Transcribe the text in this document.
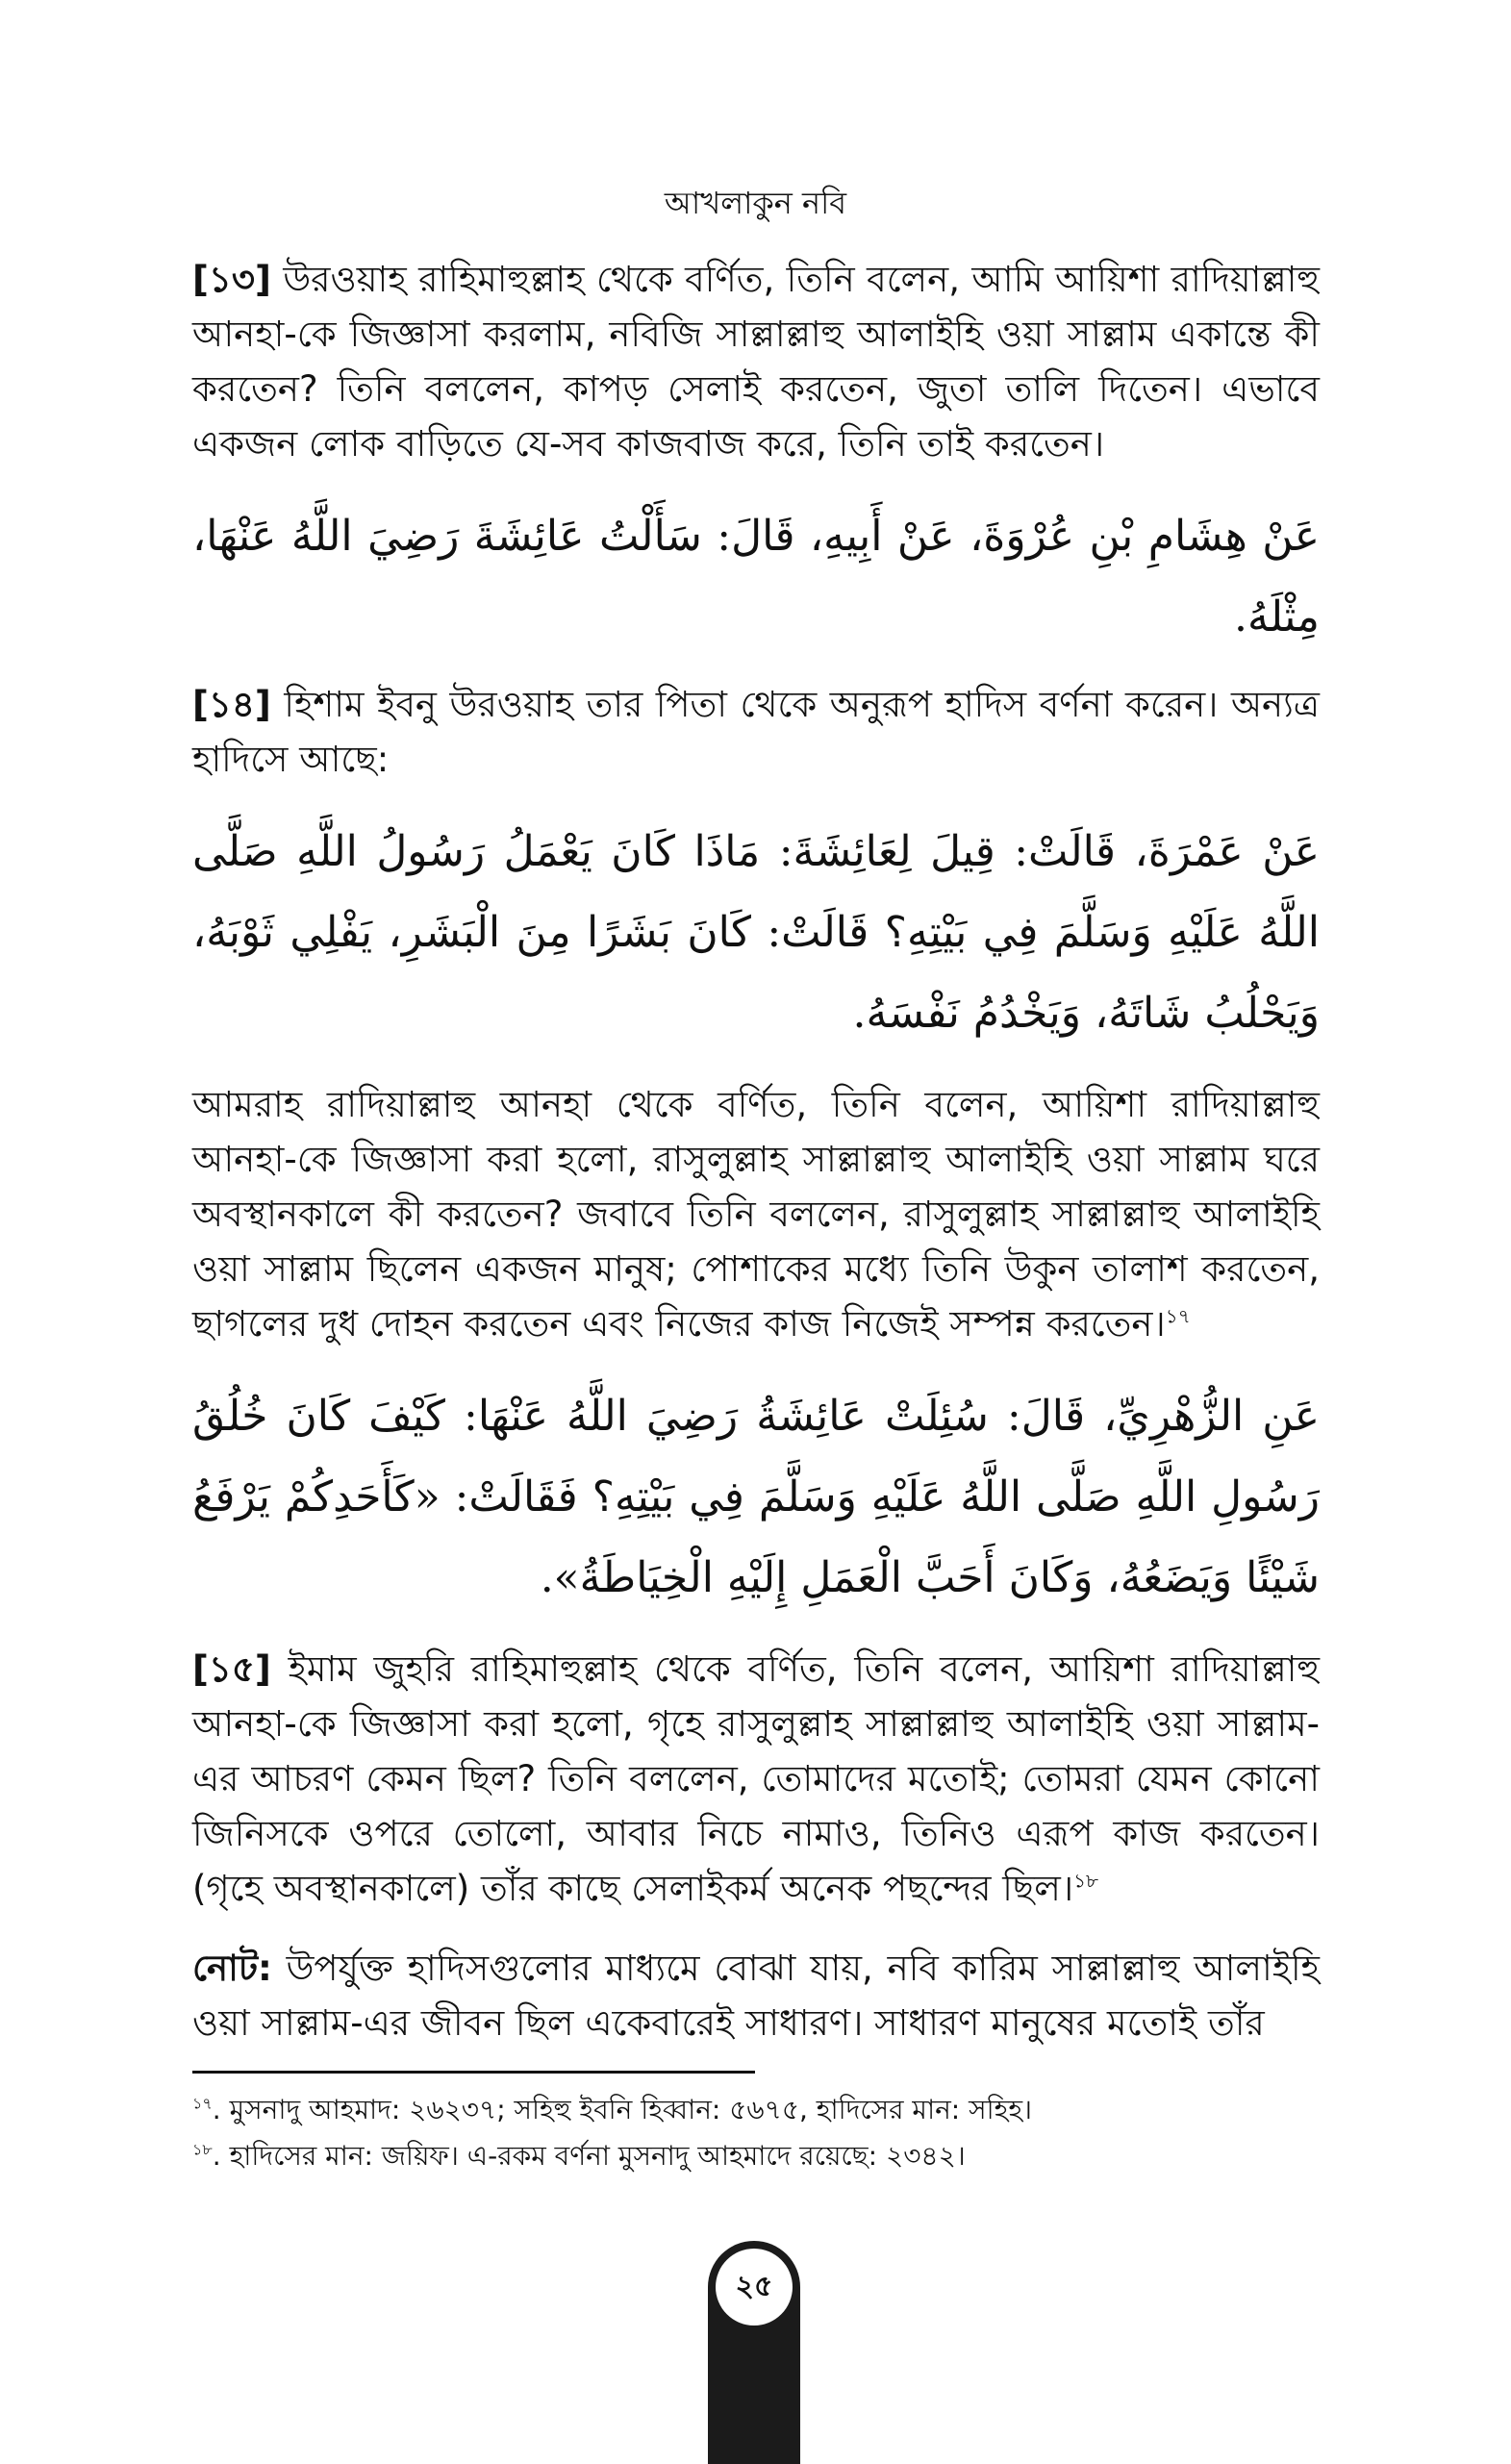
আখলাকুন নবি

[১৩] উরওয়াহ রাহিমাহুল্লাহ থেকে বর্ণিত, তিনি বলেন, আমি আয়িশা রাদিয়াল্লাহু আনহা-কে জিজ্ঞাসা করলাম, নবিজি সাল্লাল্লাহু আলাইহি ওয়া সাল্লাম একান্তে কী করতেন? তিনি বললেন, কাপড় সেলাই করতেন, জুতা তালি দিতেন। এভাবে একজন লোক বাড়িতে যে-সব কাজবাজ করে, তিনি তাই করতেন।

عَنْ هِشَامِ بْنِ عُرْوَةَ، عَنْ أَبِيهِ، قَالَ: سَأَلْتُ عَائِشَةَ رَضِيَ اللَّهُ عَنْهَا، مِثْلَهُ.

[১৪] হিশাম ইবনু উরওয়াহ তার পিতা থেকে অনুরূপ হাদিস বর্ণনা করেন। অন্যত্র হাদিসে আছে:

عَنْ عَمْرَةَ، قَالَتْ: قِيلَ لِعَائِشَةَ: مَاذَا كَانَ يَعْمَلُ رَسُولُ اللَّهِ صَلَّى اللَّهُ عَلَيْهِ وَسَلَّمَ فِي بَيْتِهِ؟ قَالَتْ: كَانَ بَشَرًا مِنَ الْبَشَرِ، يَفْلِي ثَوْبَهُ، وَيَحْلُبُ شَاتَهُ، وَيَخْدُمُ نَفْسَهُ.

আমরাহ রাদিয়াল্লাহু আনহা থেকে বর্ণিত, তিনি বলেন, আয়িশা রাদিয়াল্লাহু আনহা-কে জিজ্ঞাসা করা হলো, রাসুলুল্লাহ সাল্লাল্লাহু আলাইহি ওয়া সাল্লাম ঘরে অবস্থানকালে কী করতেন? জবাবে তিনি বললেন, রাসুলুল্লাহ সাল্লাল্লাহু আলাইহি ওয়া সাল্লাম ছিলেন একজন মানুষ; পোশাকের মধ্যে তিনি উকুন তালাশ করতেন, ছাগলের দুধ দোহন করতেন এবং নিজের কাজ নিজেই সম্পন্ন করতেন।$^{১৭}$

عَنِ الزُّهْرِيِّ، قَالَ: سُئِلَتْ عَائِشَةُ رَضِيَ اللَّهُ عَنْهَا: كَيْفَ كَانَ خُلُقُ رَسُولِ اللَّهِ صَلَّى اللَّهُ عَلَيْهِ وَسَلَّمَ فِي بَيْتِهِ؟ فَقَالَتْ: «كَأَحَدِكُمْ يَرْفَعُ شَيْئًا وَيَضَعُهُ، وَكَانَ أَحَبَّ الْعَمَلِ إِلَيْهِ الْخِيَاطَةُ».

[১৫] ইমাম জুহরি রাহিমাহুল্লাহ থেকে বর্ণিত, তিনি বলেন, আয়িশা রাদিয়াল্লাহু আনহা-কে জিজ্ঞাসা করা হলো, গৃহে রাসুলুল্লাহ সাল্লাল্লাহু আলাইহি ওয়া সাল্লাম-এর আচরণ কেমন ছিল? তিনি বললেন, তোমাদের মতোই; তোমরা যেমন কোনো জিনিসকে ওপরে তোলো, আবার নিচে নামাও, তিনিও এরূপ কাজ করতেন। (গৃহে অবস্থানকালে) তাঁর কাছে সেলাইকর্ম অনেক পছন্দের ছিল।$^{১৮}$

নোট: উপর্যুক্ত হাদিসগুলোর মাধ্যমে বোঝা যায়, নবি কারিম সাল্লাল্লাহু আলাইহি ওয়া সাল্লাম-এর জীবন ছিল একেবারেই সাধারণ। সাধারণ মানুষের মতোই তাঁর

$^{১৭}$. মুসনাদু আহমাদ: ২৬২৩৭; সহিহু ইবনি হিব্বান: ৫৬৭৫, হাদিসের মান: সহিহ।
$^{১৮}$. হাদিসের মান: জয়িফ। এ-রকম বর্ণনা মুসনাদু আহমাদে রয়েছে: ২৩৪২।
২৫
